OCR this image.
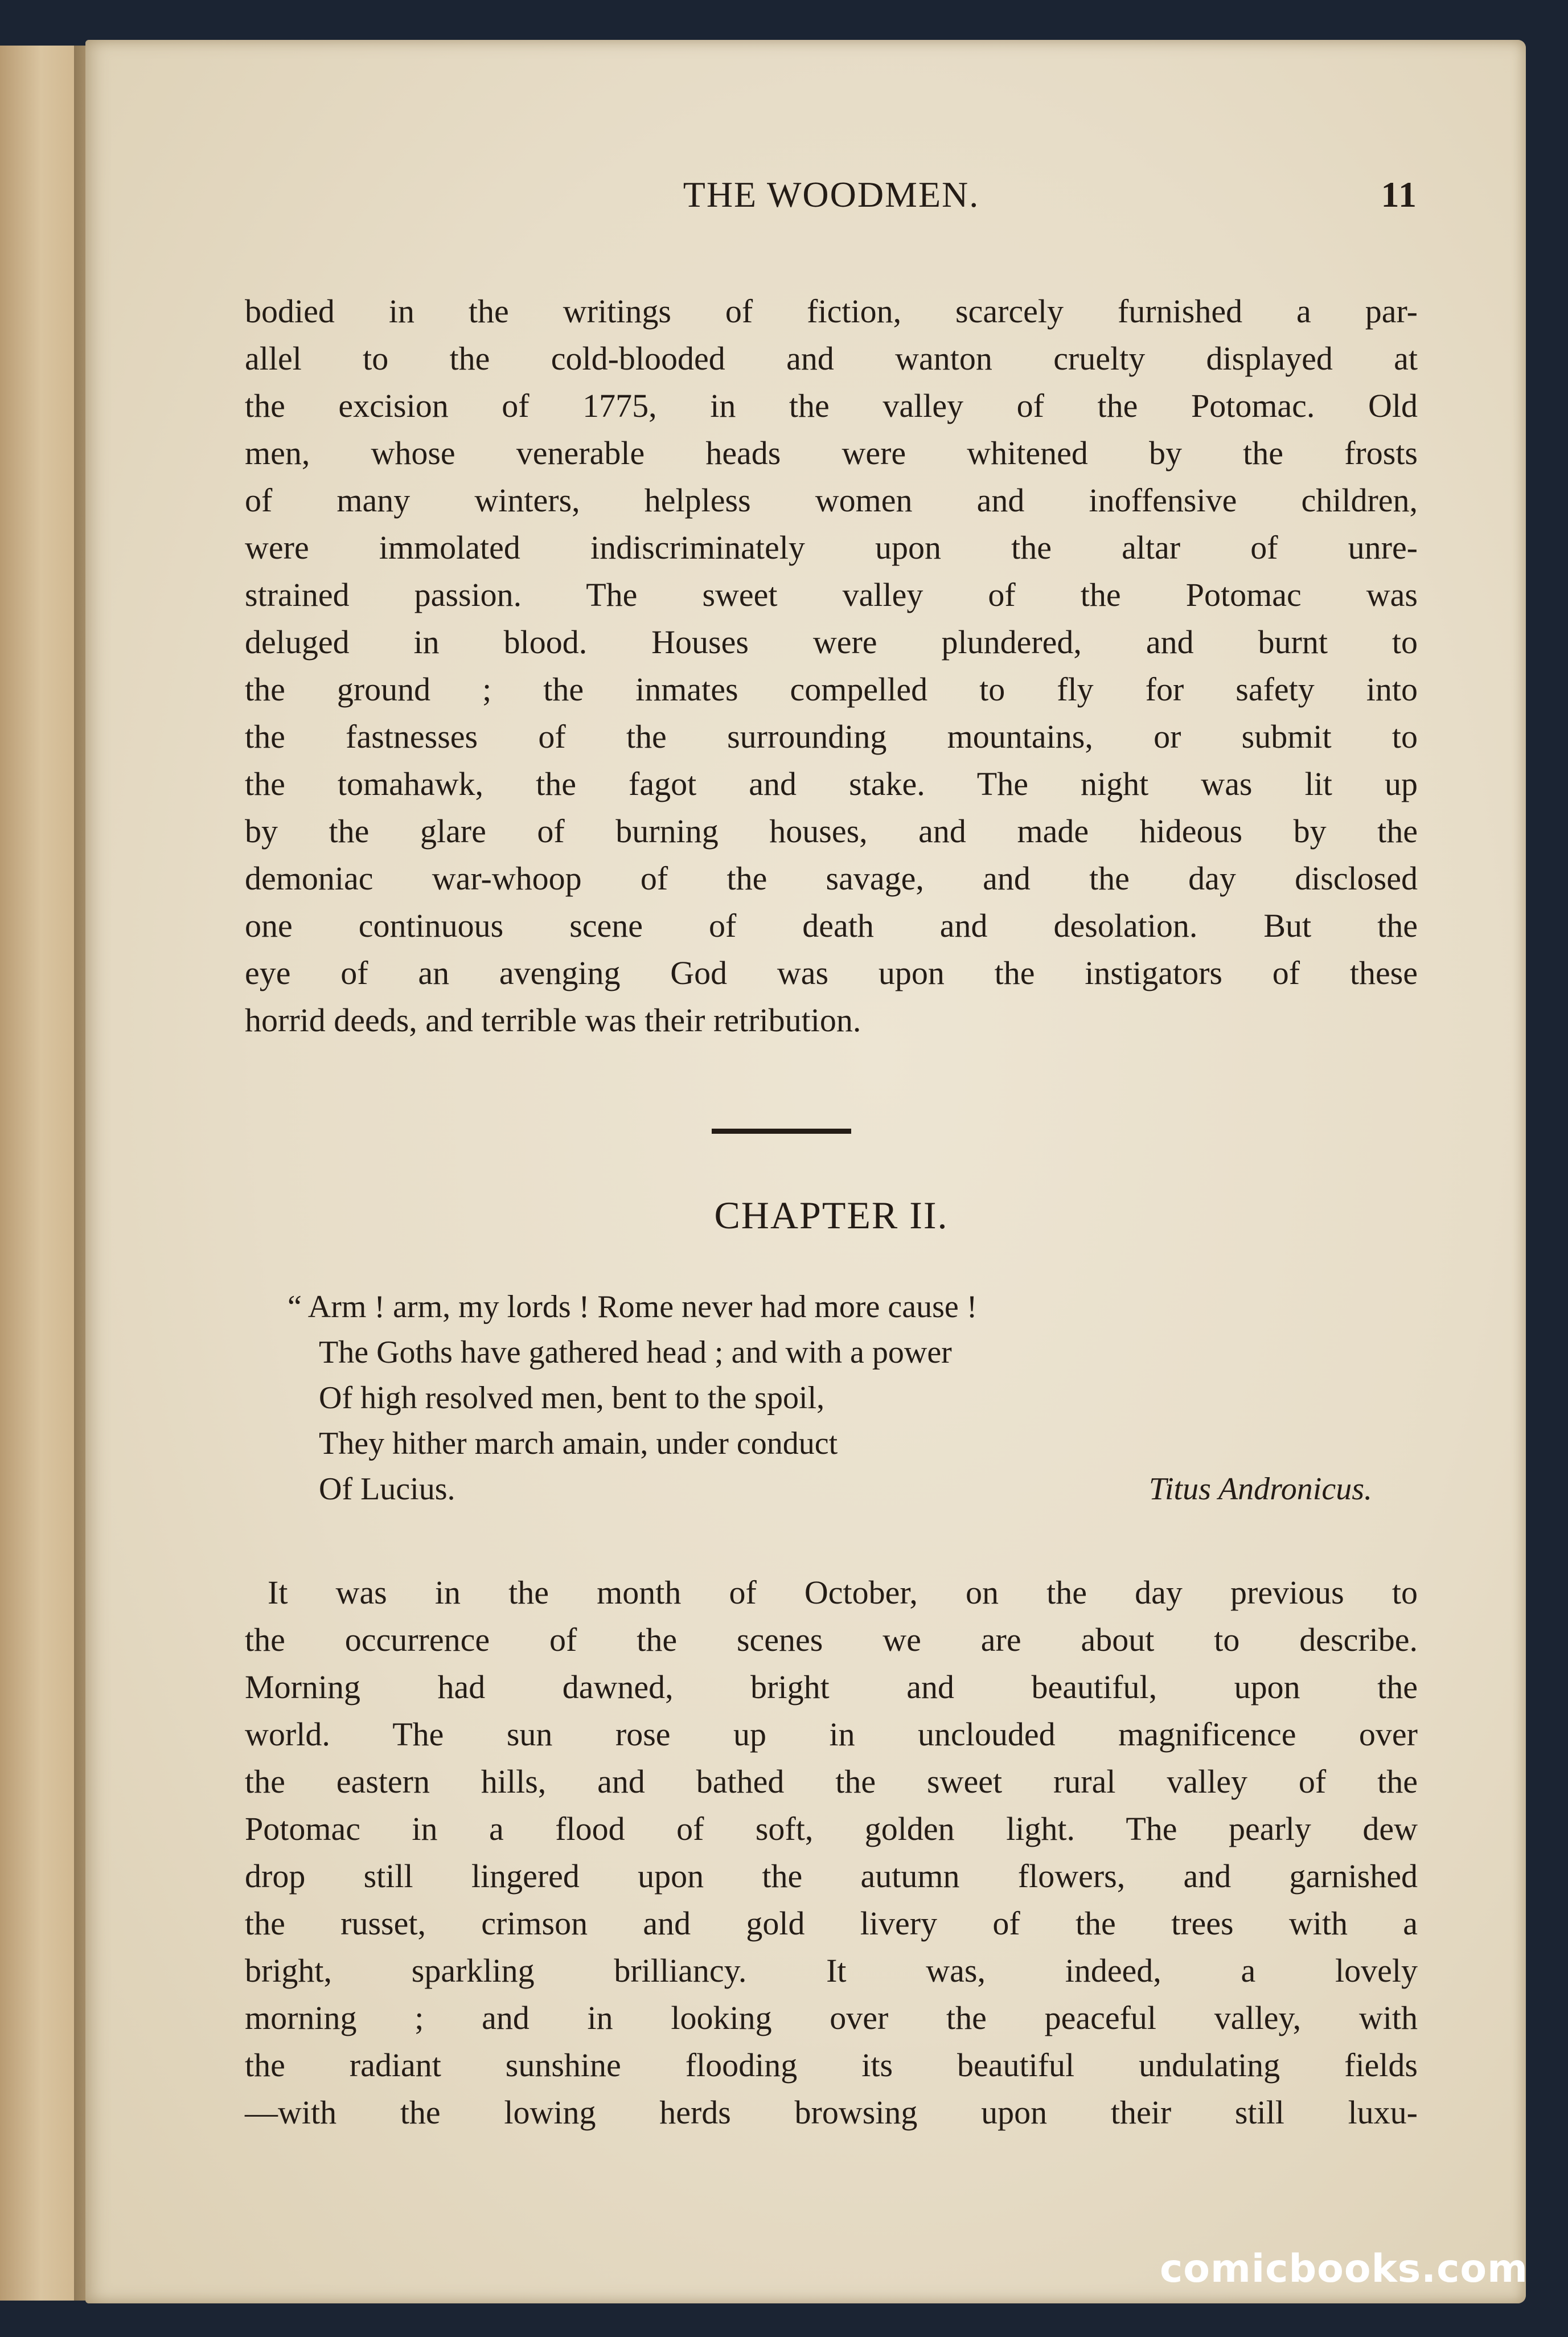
THE WOODMEN.	11
bodied in the writings of fiction, scarcely furnished a par-
allel to the cold-blooded and wanton cruelty displayed at
the excision of 1775, in the valley of the Potomac. Old
men, whose venerable heads were whitened by the frosts
of many winters, helpless women and inoffensive children,
were immolated indiscriminately upon the altar of unre-
strained passion. The sweet valley of the Potomac was
deluged in blood. Houses were plundered, and burnt to
the ground ; the inmates compelled to fly for safety into
the fastnesses of the surrounding mountains, or submit to
the tomahawk, the fagot and stake. The night was lit up
by the glare of burning houses, and made hideous by the
demoniac war-whoop of the savage, and the day disclosed
one continuous scene of death and desolation. But the
eye of an avenging God was upon the instigators of these
horrid deeds, and terrible was their retribution.
CHAPTER II.
“ Arm ! arm, my lords ! Rome never had more cause !
The Goths have gathered head ; and with a power
Of high resolved men, bent to the spoil,
They hither march amain, under conduct
Of Lucius.	Titus Andronicus.
It was in the month of October, on the day previous to
the occurrence of the scenes we are about to describe.
Morning had dawned, bright and beautiful, upon the
world. The sun rose up in unclouded magnificence over
the eastern hills, and bathed the sweet rural valley of the
Potomac in a flood of soft, golden light. The pearly dew
drop still lingered upon the autumn flowers, and garnished
the russet, crimson and gold livery of the trees with a
bright, sparkling brilliancy. It was, indeed, a lovely
morning ; and in looking over the peaceful valley, with
the radiant sunshine flooding its beautiful undulating fields
—with the lowing herds browsing upon their still luxu-
comicbooks.com
